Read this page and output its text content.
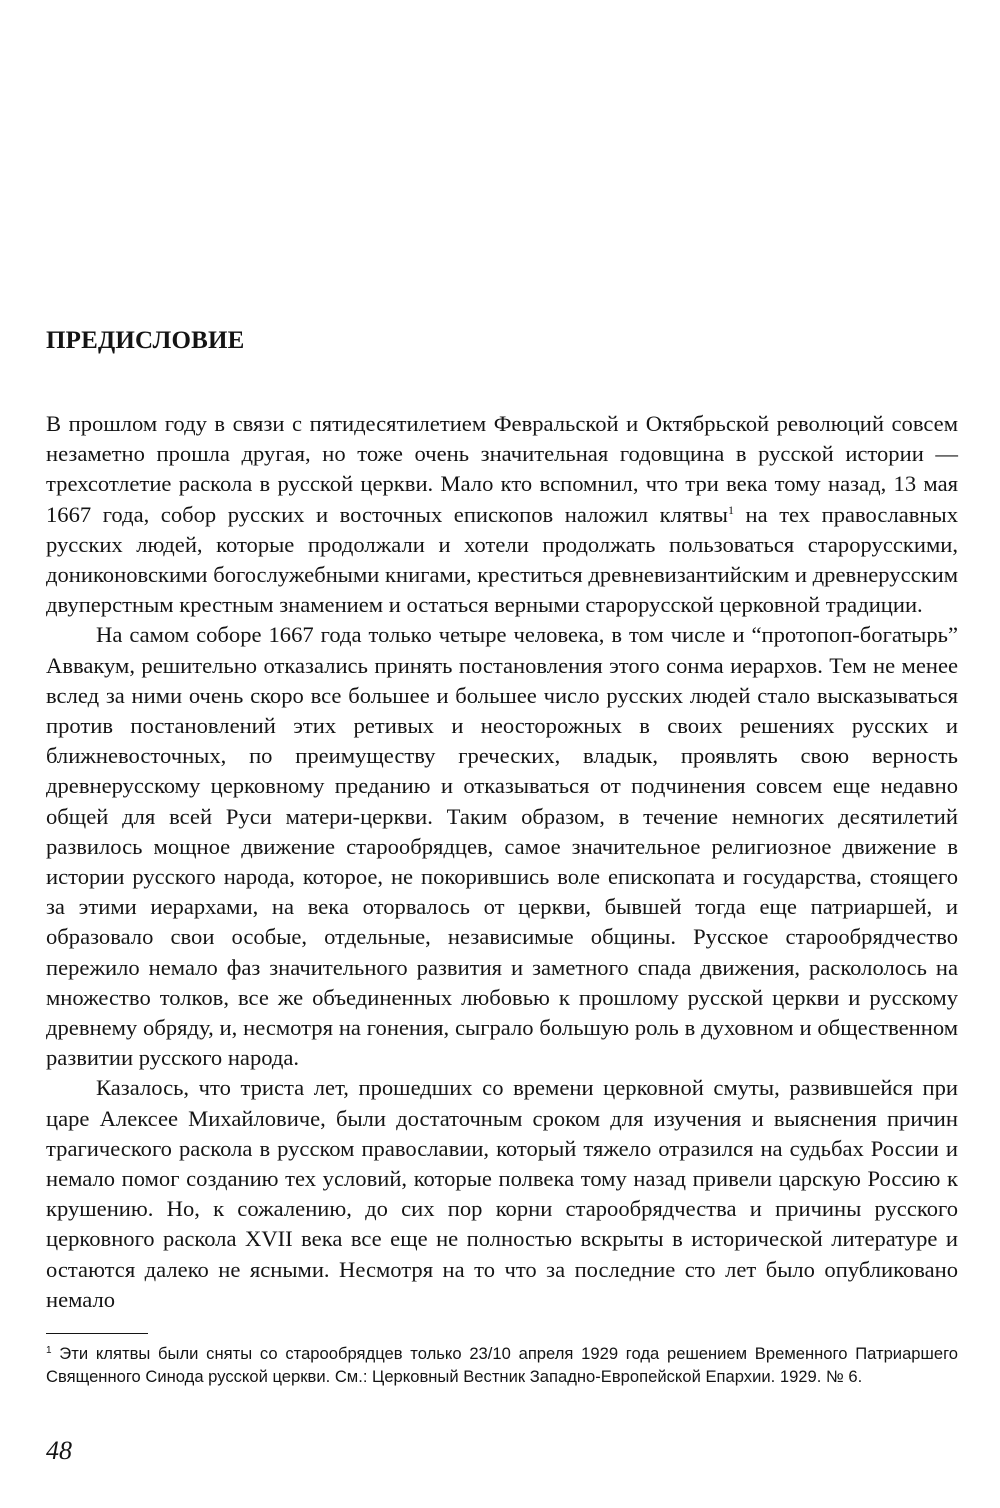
ПРЕДИСЛОВИЕ

В прошлом году в связи с пятидесятилетием Февральской и Октябрьской революций совсем незаметно прошла другая, но тоже очень значительная годовщина в русской истории — трехсотлетие раскола в русской церкви. Мало кто вспомнил, что три века тому назад, 13 мая 1667 года, собор русских и восточных епископов наложил клятвы$^1$ на тех православных русских людей, которые продолжали и хотели продолжать пользоваться старорусскими, дониконовскими богослужебными книгами, креститься древневизантийским и древнерусским двуперстным крестным знамением и остаться верными старорусской церковной традиции.

На самом соборе 1667 года только четыре человека, в том числе и “протопоп-богатырь” Аввакум, решительно отказались принять постановления этого сонма иерархов. Тем не менее вслед за ними очень скоро все большее и большее число русских людей стало высказываться против постановлений этих ретивых и неосторожных в своих решениях русских и ближневосточных, по преимуществу греческих, владык, проявлять свою верность древнерусскому церковному преданию и отказываться от подчинения совсем еще недавно общей для всей Руси матери-церкви. Таким образом, в течение немногих десятилетий развилось мощное движение старообрядцев, самое значительное религиозное движение в истории русского народа, которое, не покорившись воле епископата и государства, стоящего за этими иерархами, на века оторвалось от церкви, бывшей тогда еще патриаршей, и образовало свои особые, отдельные, независимые общины. Русское старообрядчество пережило немало фаз значительного развития и заметного спада движения, раскололось на множество толков, все же объединенных любовью к прошлому русской церкви и русскому древнему обряду, и, несмотря на гонения, сыграло большую роль в духовном и общественном развитии русского народа.

Казалось, что триста лет, прошедших со времени церковной смуты, развившейся при царе Алексее Михайловиче, были достаточным сроком для изучения и выяснения причин трагического раскола в русском православии, который тяжело отразился на судьбах России и немало помог созданию тех условий, которые полвека тому назад привели царскую Россию к крушению. Но, к сожалению, до сих пор корни старообрядчества и причины русского церковного раскола XVII века все еще не полностью вскрыты в исторической литературе и остаются далеко не ясными. Несмотря на то что за последние сто лет было опубликовано немало

$^1$ Эти клятвы были сняты со старообрядцев только 23/10 апреля 1929 года решением Временного Патриаршего Священного Синода русской церкви. См.: Церковный Вестник Западно-Европейской Епархии. 1929. № 6.

48
